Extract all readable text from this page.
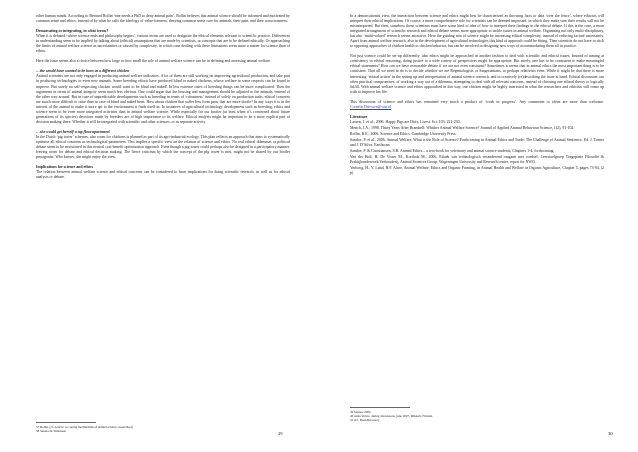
other human minds. According to Bernard Rollin ‘one needs a PhD to deny animal pain’. Rollin believes that animal science should be informed and motivated by common sense and ethics, instead of by what he calls the ideology of value-freeness, denying common sense care for animals, their pain, and their consciousness.

Demarcating or integrating, in what terms?

When it is debated ‘where science ends and philosophy begins’, various terms are used to designate the ethical elements relevant to scientific practice. Differences in understanding seem to be implied by talking about (ethical) assumptions that are made by scientists, or concepts that are to be defined ethically. Or approaching the limits of animal welfare science as uncertainties or caused by complexity, in which case dealing with these limitations seem more a matter for science than of ethics.

Here the issue seems also a choice between how large or how small the role of animal welfare science can be in defining and assessing animal welfare.

…the would have wanted to be born as a different chicken

Animal scientists are not only engaged in producing animal welfare indicators. A lot of them are still working on improving agricultural production, and take part in producing technologies or even new animals. Some breeding efforts have produced blind or naked chickens, whose welfare in some respects can be found to improve. But surely no self-respecting chicken would want to be blind and naked! In less extreme cases of breeding things can be more complicated. Then the arguments in terms of animal integrity seem much less obvious. One could argue that the housing and management should be adjusted to the animals, instead of the other way around. But in case of unpredictable developments such as breeding in terms of ‘robustness’ instead of solely on production traits, ethical concerns are much more difficult to raise than in case of blind and naked hens. How about chicken that suffer less from pain, that are more docile? In any ways it is in the interest of the animal to make it more apt to the environment it finds itself in. In instances of agricultural technology development such as breeding, ethics and science seem to be even more integrated activities than in animal welfare science. While especially for our broiler (at least when it’s concerned about future generations of its species) decisions made by breeders are of high importance to its welfare. Ethical analysis might be important to be a more explicit part of decision making there. Whether it will be integrated with scientific and other sciences, or as separate activity.

…she would get herself a top floor apartment!

In the Dutch ‘pig tower’ schemes, also room for chickens is planned as part of its agri-industrial ecology. This plan reflects an approach that aims to systematically optimise all ethical concerns as technological parameters. This implies a specific view on the relation of science and ethics. No real ethical dilemmas or political debate seem to be envisioned in this neutral cost-benefit optimisation approach. Even though a pig tower could perhaps also be designed in a participatory manner, leaving room for debate and ethical decision making. The fierce criticism by which the concept of the pig tower is met, might not be shared by our broiler protagonist. Who knows, she might enjoy the view.

Implications for science and ethics

The relation between animal welfare science and ethical concerns can be considered to have implications for doing scientific research, as well as for ethical analysis or debate.

37 Rollin, (cf. Article: as coping mechanisms of animal science researchers)
38 Sandoe & Simonsen	29

In a demarcationist view, the interaction between science and ethics might best be characterized as throwing facts or data ‘over the fence’, where ethicists will interpret their ethical implications. Of course, a more comprehensive role for scientists can be deemed important, in which they make sure their results will not be misinterpreted. But then, somehow these scientists must have some kind of idea of how to interpret their findings in the ethical debate. If this is the case, a more integrated arrangement of scientific research and ethical debate seems more appropriate to tackle issues in animal welfare. Organizing not only multi-disciplinary, but also ‘multi-valued’ research seems attractive. Here the guiding aim of science might be increasing ethical complexity, instead of reducing factual uncertainty. Apart from animal welfare research, also in the development of agricultural technologies this kind of approach could be fitting. Then scientists do not have to stick to opposing approaches of chicken health to chicken behavior, but can be involved in designing new ways of accommodating them all in practice.

Not just science could be set-up differently; also ethics might be approached in another fashion to deal with scientific and ethical issues. Instead of aiming at consistency in ethical reasoning, doing justice to a wide variety of perspectives might be appropriate. But surely, one has to be consistent to make meaningful ethical statements? How can we have reasonable debate if we are not even consistent? Sometimes it seems that in animal ethics the most important thing is to be consistent. That all we need to do is to decide whether we are Regentologists or Singerianians, or perhaps relativists even. While it might be that there is more interesting ‘ethical action’ in the setting up and interpretation of animal science research, and in creatively (re)describing the issue at hand. Ethical discussion can often practical compromises, of working a way out of a dilemma, attempting to deal with all relevant concerns, instead of choosing one ethical theory to logically fulfill. With animal welfare science and ethics approached in this way, our chicken might be highly interested in what the researchers and ethicists will come up with to improve her life.

This discussion of science and ethics has remained very much a product of ‘work in progress’. Any comments or ideas are more than welcome. Cornelis.Driessen@wur.nl

Literature

Lassen, J. et al., 2006, Happy Pigs are Dirty, Livest. Sci. 103: 221-230.

Mench, J.A., 1998, Thirty Years After Brambell: Whither Animal Welfare Science? Journal of Applied Animal Behaviour Science, 1(2), 91-102.

Rollin, B.E., 2006, Science and Ethics, Cambridge University Press.

Sandoe, P. et al., 2006, Animal Welfare, What is the Role of Science? Forthcoming in Animal Ethics and Trade: The Challenge of Animal Sentience, Ed. J. Turner and J. D’Silva, Earthscan.

Sandoe, P. & Christiansen, S.B. Animal Ethics – a text-book for veterinary and animal science students, Chapters 1-4, forthcoming.

Van der Bolt, H. De Visser M., Korthals M., 2006, Ethiek van technologisch veranderend omgaan met voedsel. Leerstoelgroep Toegepaste Filosofie & Praktijkonderzoek Veehouderij, Animal Sciences Group, Wageningen University and Research center, report for NWO.

Verhoog, H., V. Lund, H.F. Alroe, Animal Welfare, Ethics and Organic Farming, in Animal Health and Welfare in Organic Agriculture, Chapter 5, pages 73-94, (2 p)

39 Sandoe 2006
40 Anna Valros, during discussions, june 2007, Mikkeli, Finland.
41 [Cf. BookDeGroot]
30
